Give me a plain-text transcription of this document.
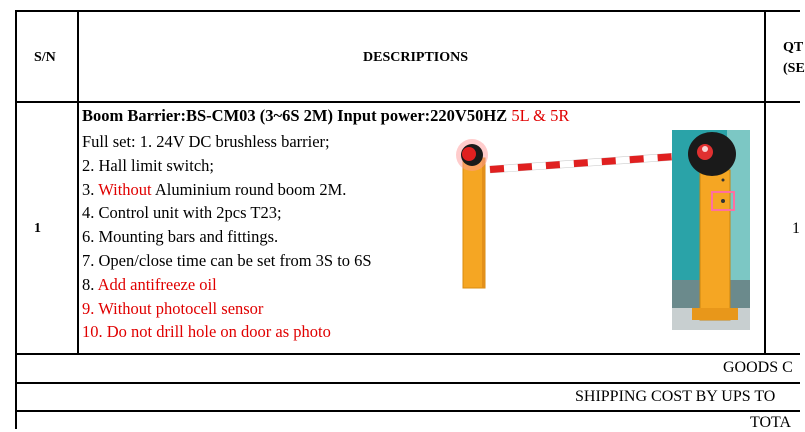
S/N	DESCRIPTIONS
QT
(SE
1	1
Boom Barrier:BS-CM03 (3~6S 2M) Input power:220V50HZ 5L & 5R
Full set: 1. 24V DC brushless barrier;
2. Hall limit switch;
3. Without Aluminium round boom 2M.
4. Control unit with 2pcs T23;
6. Mounting bars and fittings.
7. Open/close time can be set from 3S to 6S
8. Add antifreeze oil
9. Without photocell sensor
10. Do not drill hole on door as photo
GOODS C
SHIPPING COST BY UPS TO
TOTA
